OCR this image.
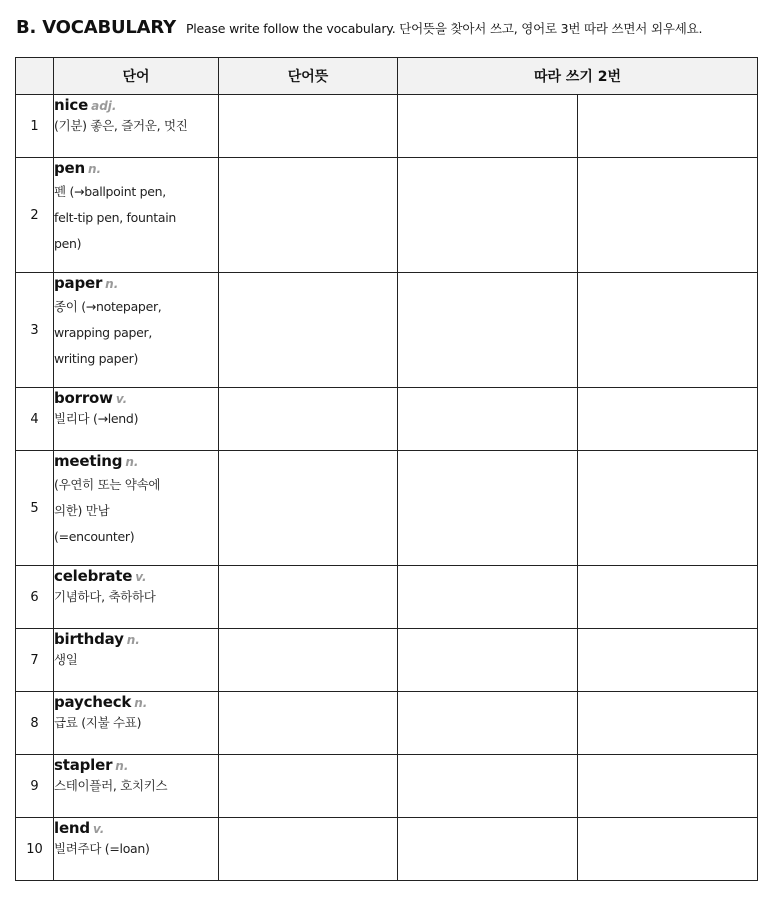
B. VOCABULARY Please write follow the vocabulary. 단어뜻을 찾아서 쓰고, 영어로 3번 따라 쓰면서 외우세요.
	단어	단어뜻	따라 쓰기 2번	
1	nice adj.
(기분) 좋은, 즐거운, 멋진			

2	pen n.
펜 (→ballpoint pen,
felt-tip pen, fountain
pen)			

3	paper n.
종이 (→notepaper,
wrapping paper,
writing paper)			

4	borrow v.
빌리다 (→lend)			

5	meeting n.
(우연히 또는 약속에
의한) 만남
(=encounter)			

6	celebrate v.
기념하다, 축하하다			

7	birthday n.
생일			

8	paycheck n.
급료 (지불 수표)			

9	stapler n.
스테이플러, 호치키스			

10	lend v.
빌려주다 (=loan)			
